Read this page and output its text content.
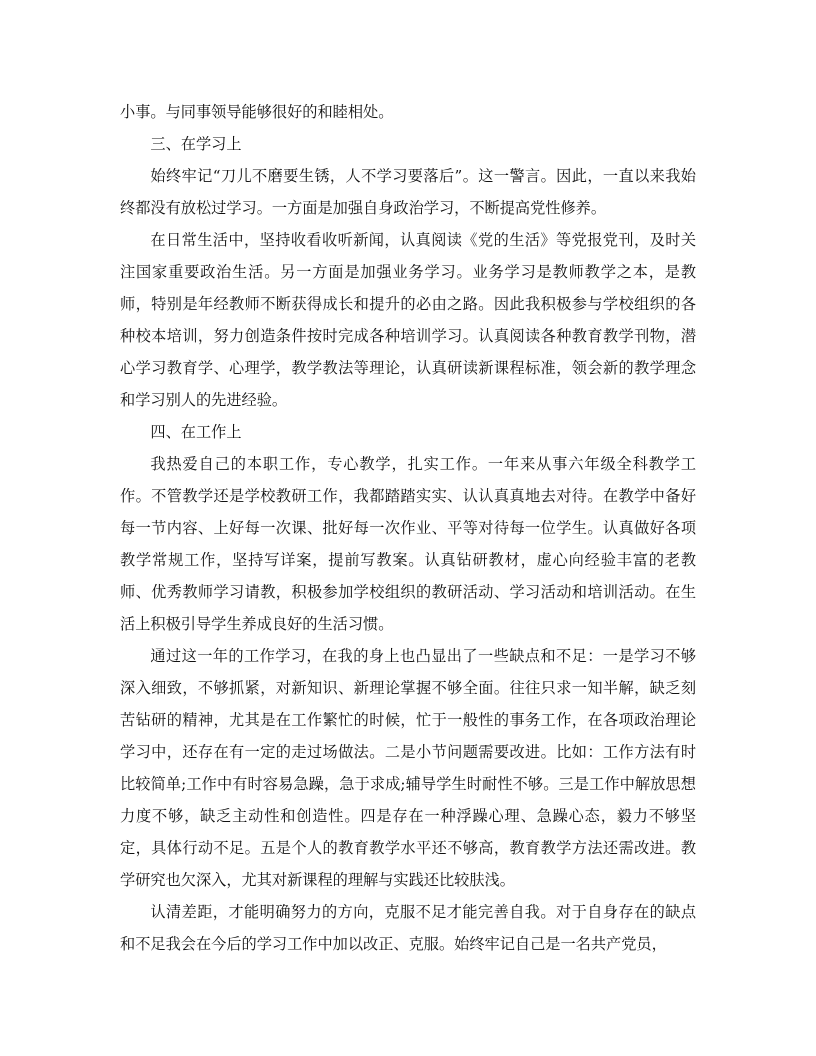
小事。与同事领导能够很好的和睦相处。

三、在学习上

始终牢记“刀儿不磨要生锈，人不学习要落后”。这一警言。因此，一直以来我始终都没有放松过学习。一方面是加强自身政治学习，不断提高党性修养。

在日常生活中，坚持收看收听新闻，认真阅读《党的生活》等党报党刊，及时关注国家重要政治生活。另一方面是加强业务学习。业务学习是教师教学之本，是教师，特别是年经教师不断获得成长和提升的必由之路。因此我积极参与学校组织的各种校本培训，努力创造条件按时完成各种培训学习。认真阅读各种教育教学刊物，潜心学习教育学、心理学，教学教法等理论，认真研读新课程标准，领会新的教学理念和学习别人的先进经验。

四、在工作上

我热爱自己的本职工作，专心教学，扎实工作。一年来从事六年级全科教学工作。不管教学还是学校教研工作，我都踏踏实实、认认真真地去对待。在教学中备好每一节内容、上好每一次课、批好每一次作业、平等对待每一位学生。认真做好各项教学常规工作，坚持写详案，提前写教案。认真钻研教材，虚心向经验丰富的老教师、优秀教师学习请教，积极参加学校组织的教研活动、学习活动和培训活动。在生活上积极引导学生养成良好的生活习惯。

通过这一年的工作学习，在我的身上也凸显出了一些缺点和不足：一是学习不够深入细致，不够抓紧，对新知识、新理论掌握不够全面。往往只求一知半解，缺乏刻苦钻研的精神，尤其是在工作繁忙的时候，忙于一般性的事务工作，在各项政治理论学习中，还存在有一定的走过场做法。二是小节问题需要改进。比如：工作方法有时比较简单;工作中有时容易急躁，急于求成;辅导学生时耐性不够。三是工作中解放思想力度不够，缺乏主动性和创造性。四是存在一种浮躁心理、急躁心态，毅力不够坚定，具体行动不足。五是个人的教育教学水平还不够高，教育教学方法还需改进。教学研究也欠深入，尤其对新课程的理解与实践还比较肤浅。

认清差距，才能明确努力的方向，克服不足才能完善自我。对于自身存在的缺点和不足我会在今后的学习工作中加以改正、克服。始终牢记自己是一名共产党员，
